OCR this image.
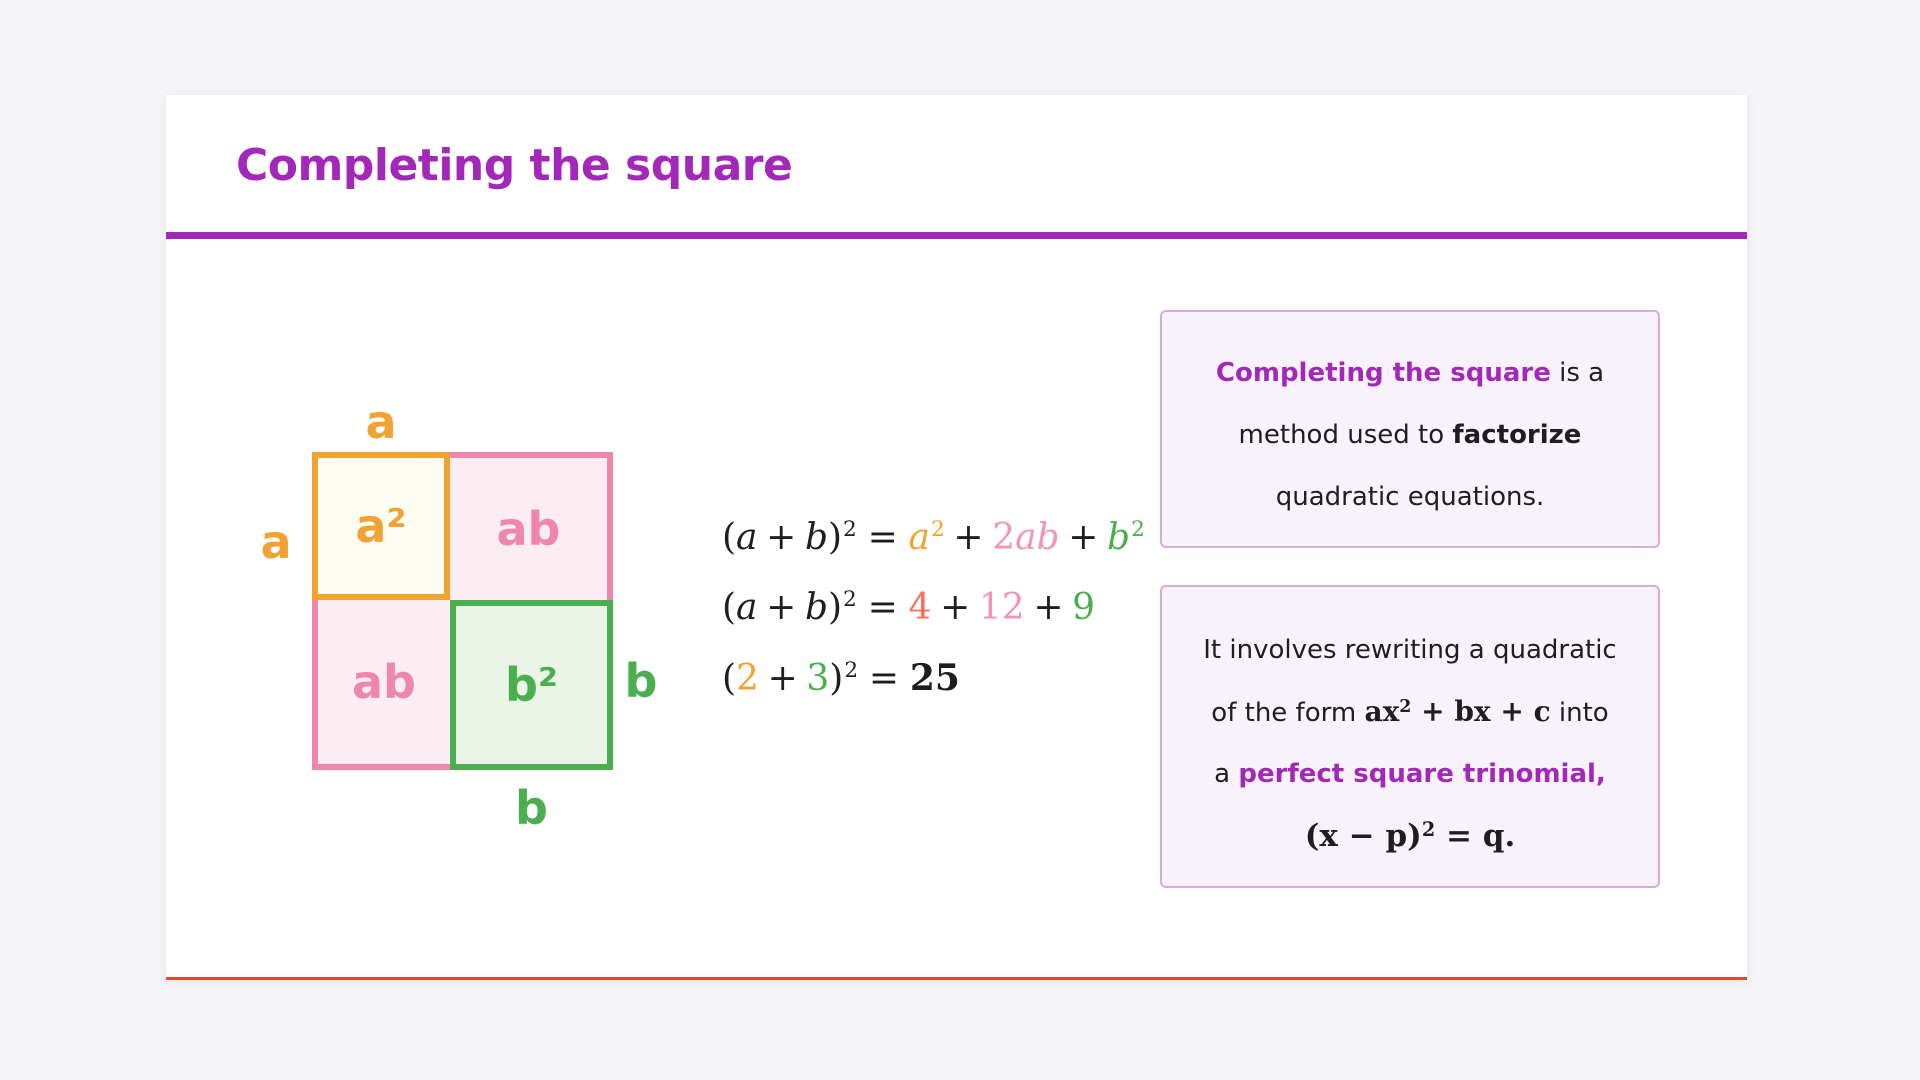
Completing the square
a² ab
ab b²
a
a
b
b
$(a + b)^2 = a^2 + 2ab + b^2$
$(a + b)^2 = 4 + 12 + 9$
$(2 + 3)^2 = 25$
Completing the square is a
method used to factorize
quadratic equations.
It involves rewriting a quadratic
of the form $ax^2$ + bx + c into
a perfect square trinomial,
$(x - p)^2 = q$.
